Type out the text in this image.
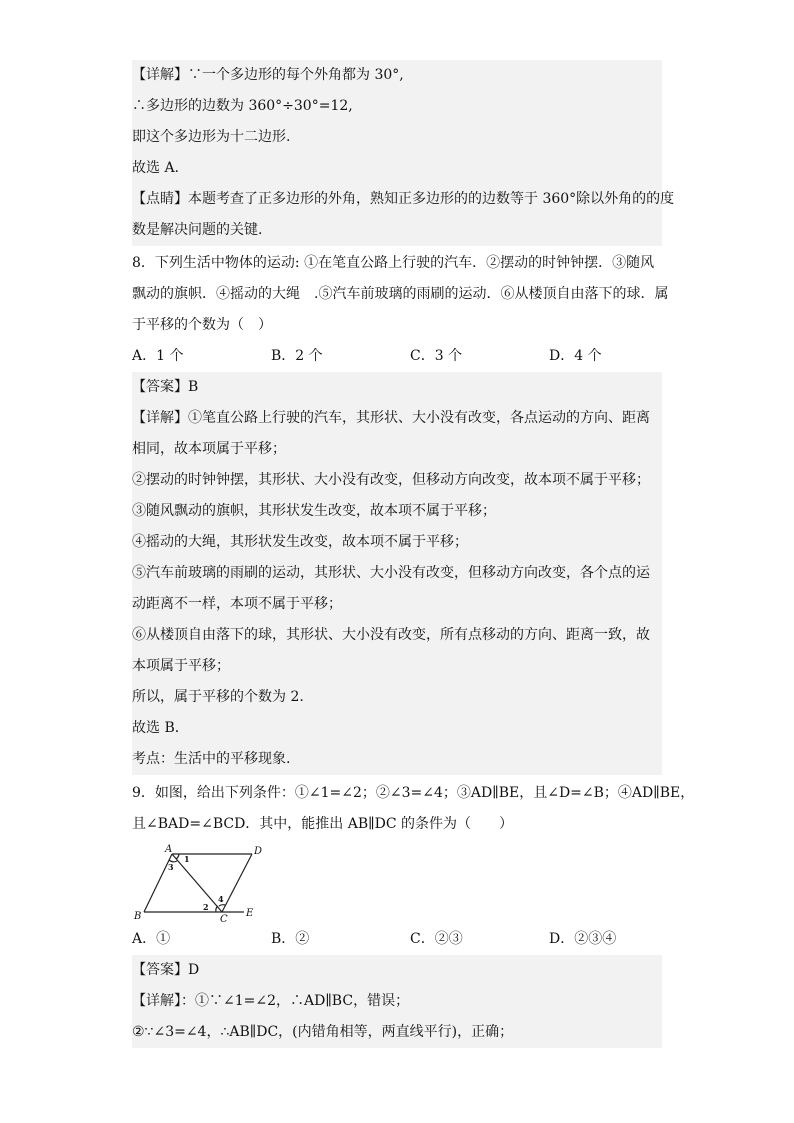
【详解】∵一个多边形的每个外角都为 30°,
∴多边形的边数为 360°÷30°=12,
即这个多边形为十二边形.
故选 A.
【点睛】本题考查了正多边形的外角，熟知正多边形的的边数等于 360°除以外角的的度
数是解决问题的关键.
8．下列生活中物体的运动: ①在笔直公路上行驶的汽车．②摆动的时钟钟摆．③随风
飘动的旗帜．④摇动的大绳　.⑤汽车前玻璃的雨刷的运动．⑥从楼顶自由落下的球．属
于平移的个数为（　）
A．1 个	B．2 个	C．3 个	D．4 个
【答案】B
【详解】①笔直公路上行驶的汽车，其形状、大小没有改变，各点运动的方向、距离
相同，故本项属于平移；
②摆动的时钟钟摆，其形状、大小没有改变，但移动方向改变，故本项不属于平移；
③随风飘动的旗帜，其形状发生改变，故本项不属于平移；
④摇动的大绳，其形状发生改变，故本项不属于平移；
⑤汽车前玻璃的雨刷的运动，其形状、大小没有改变，但移动方向改变，各个点的运
动距离不一样，本项不属于平移；
⑥从楼顶自由落下的球，其形状、大小没有改变，所有点移动的方向、距离一致，故
本项属于平移；
所以，属于平移的个数为 2.
故选 B．
考点：生活中的平移现象.
9．如图，给出下列条件：①∠1=∠2；②∠3=∠4；③AD∥BE，且∠D=∠B；④AD∥BE，
且∠BAD=∠BCD．其中，能推出 AB∥DC 的条件为（　　）
A	D
B	C
E
1
3
2
4
A．①	B．②	C．②③	D．②③④
【答案】D
【详解】：①∵∠1=∠2，∴AD∥BC，错误；
②∵∠3=∠4，∴AB∥DC，(内错角相等，两直线平行)，正确；
